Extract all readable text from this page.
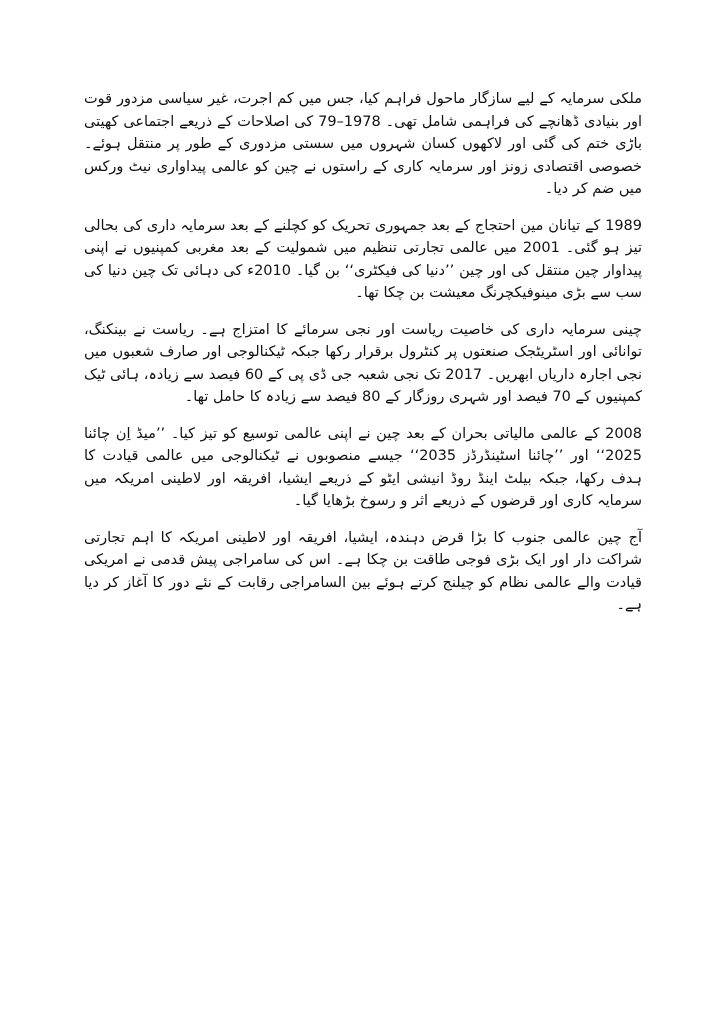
ملکی سرمایہ کے لیے سازگار ماحول فراہم کیا، جس میں کم اجرت، غیر سیاسی مزدور قوت اور بنیادی ڈھانچے کی فراہمی شامل تھی۔ 1978–79 کی اصلاحات کے ذریعے اجتماعی کھیتی باڑی ختم کی گئی اور لاکھوں کسان شہروں میں سستی مزدوری کے طور پر منتقل ہوئے۔ خصوصی اقتصادی زونز اور سرمایہ کاری کے راستوں نے چین کو عالمی پیداواری نیٹ ورکس میں ضم کر دیا۔

1989 کے تیانان مین احتجاج کے بعد جمہوری تحریک کو کچلنے کے بعد سرمایہ داری کی بحالی تیز ہو گئی۔ 2001 میں عالمی تجارتی تنظیم میں شمولیت کے بعد مغربی کمپنیوں نے اپنی پیداوار چین منتقل کی اور چین ’’دنیا کی فیکٹری‘‘ بن گیا۔ 2010ء کی دہائی تک چین دنیا کی سب سے بڑی مینوفیکچرنگ معیشت بن چکا تھا۔

چینی سرمایہ داری کی خاصیت ریاست اور نجی سرمائے کا امتزاج ہے۔ ریاست نے بینکنگ، توانائی اور اسٹریٹجک صنعتوں پر کنٹرول برقرار رکھا جبکہ ٹیکنالوجی اور صارف شعبوں میں نجی اجارہ داریاں ابھریں۔ 2017 تک نجی شعبہ جی ڈی پی کے 60 فیصد سے زیادہ، ہائی ٹیک کمپنیوں کے 70 فیصد اور شہری روزگار کے 80 فیصد سے زیادہ کا حامل تھا۔

2008 کے عالمی مالیاتی بحران کے بعد چین نے اپنی عالمی توسیع کو تیز کیا۔ ’’میڈ اِن چائنا 2025‘‘ اور ’’چائنا اسٹینڈرڈز 2035‘‘ جیسے منصوبوں نے ٹیکنالوجی میں عالمی قیادت کا ہدف رکھا، جبکہ بیلٹ اینڈ روڈ انیشی ایٹو کے ذریعے ایشیا، افریقہ اور لاطینی امریکہ میں سرمایہ کاری اور قرضوں کے ذریعے اثر و رسوخ بڑھایا گیا۔

آج چین عالمی جنوب کا بڑا قرض دہندہ، ایشیا، افریقہ اور لاطینی امریکہ کا اہم تجارتی شراکت دار اور ایک بڑی فوجی طاقت بن چکا ہے۔ اس کی سامراجی پیش قدمی نے امریکی قیادت والے عالمی نظام کو چیلنج کرتے ہوئے بین السامراجی رقابت کے نئے دور کا آغاز کر دیا ہے۔
